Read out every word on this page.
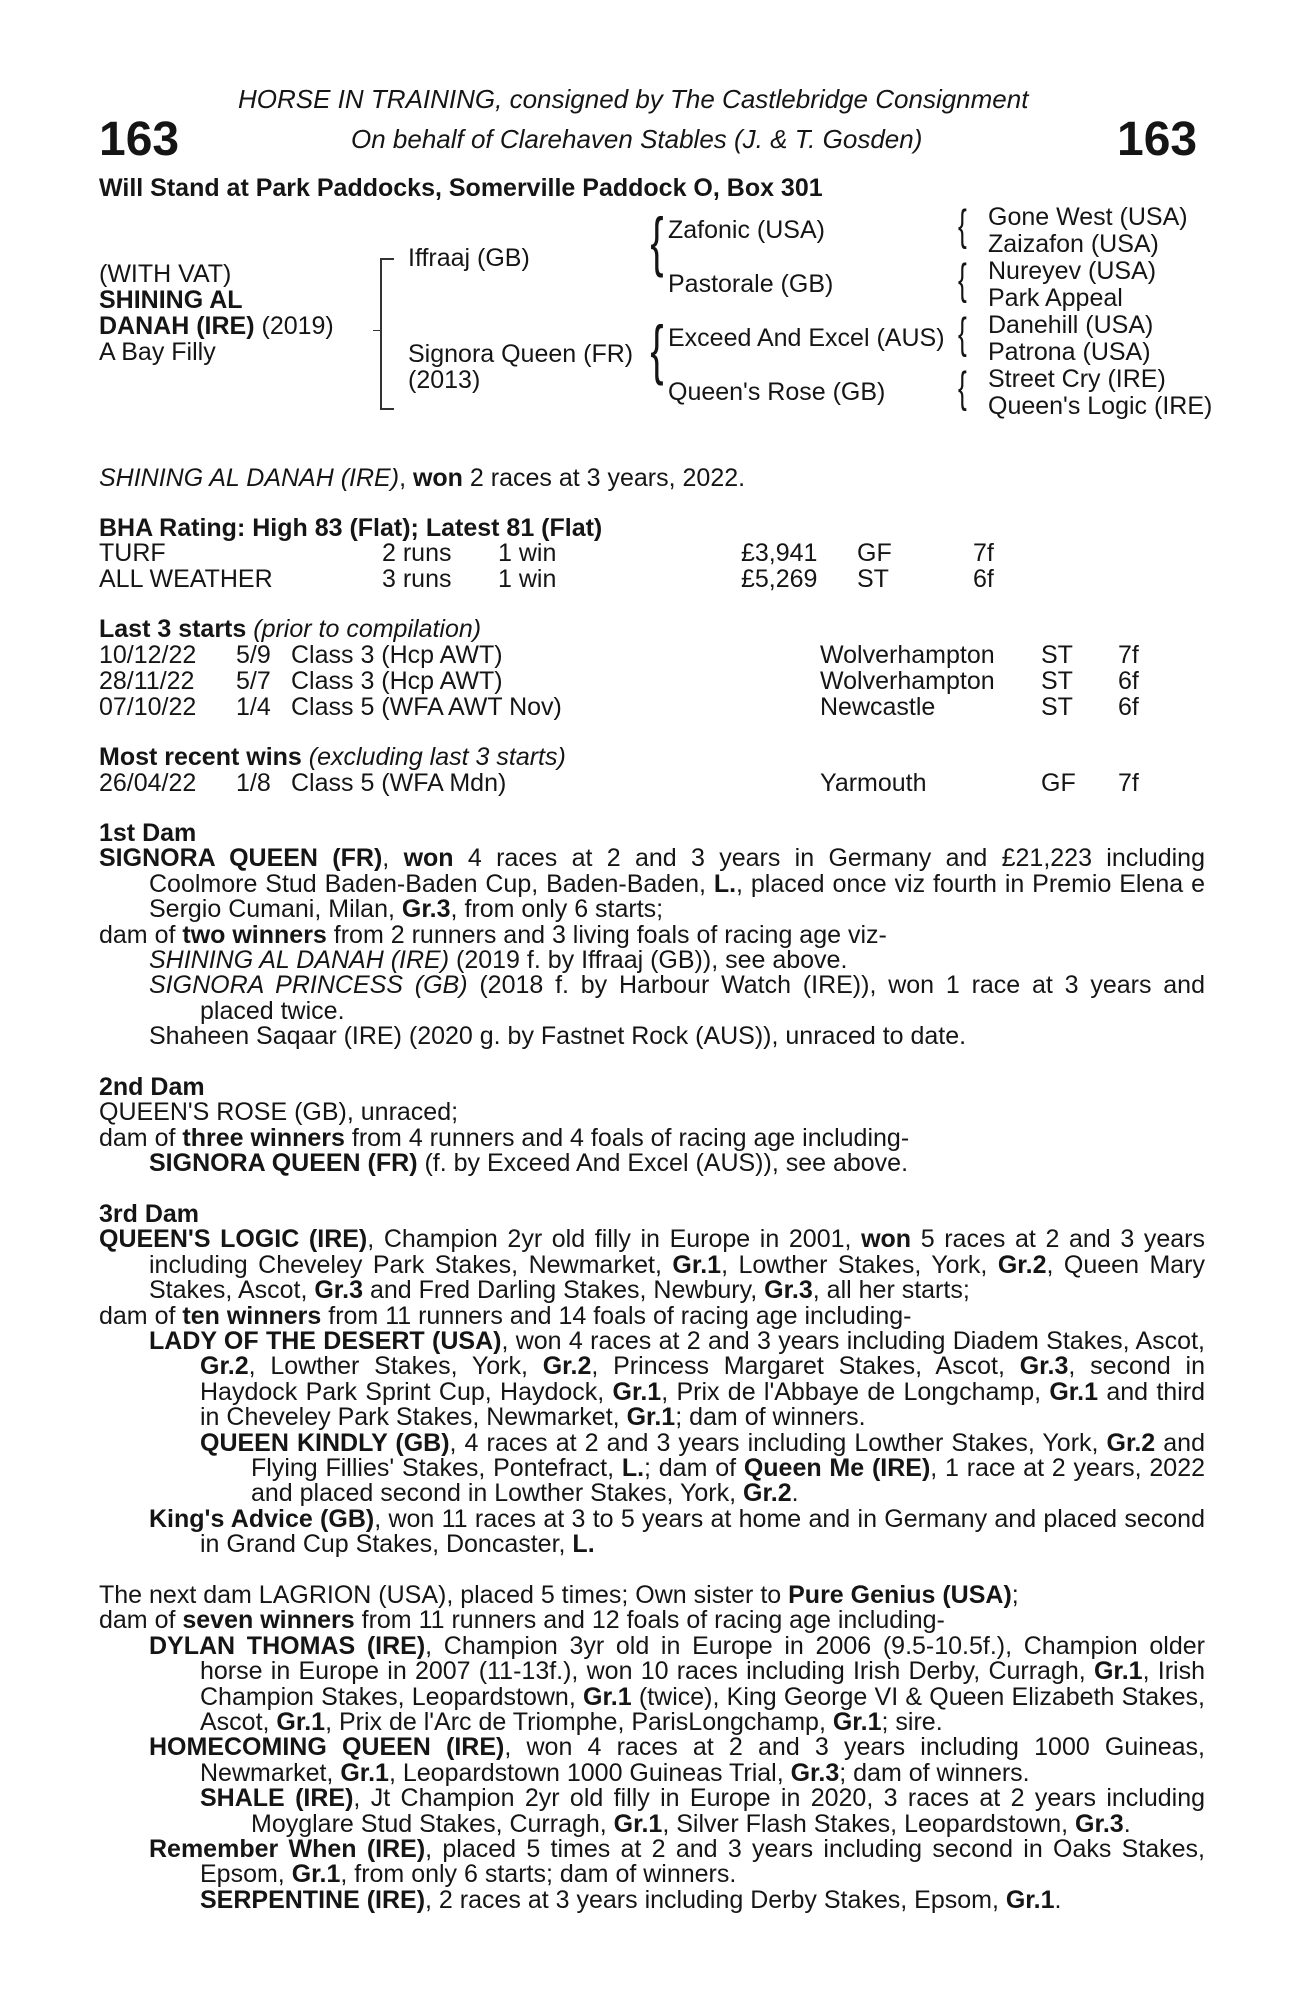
HORSE IN TRAINING, consigned by The Castlebridge Consignment
163	On behalf of Clarehaven Stables (J. & T. Gosden)	163
Will Stand at Park Paddocks, Somerville Paddock O, Box 301
(WITH VAT)
SHINING AL
DANAH (IRE) (2019)
A Bay Filly
Iffraaj (GB)
Signora Queen (FR)
(2013)
{
{
Zafonic (USA)
Pastorale (GB)
Exceed And Excel (AUS)
Queen's Rose (GB)
{
{
{
{
Gone West (USA)
Zaizafon (USA)
Nureyev (USA)
Park Appeal
Danehill (USA)
Patrona (USA)
Street Cry (IRE)
Queen's Logic (IRE)
SHINING AL DANAH (IRE), won 2 races at 3 years, 2022.
BHA Rating: High 83 (Flat); Latest 81 (Flat)
TURF	2 runs 1 win	£3,941 GF	7f
ALL WEATHER	3 runs 1 win	£5,269 ST	6f
Last 3 starts (prior to compilation)
10/12/22 5/9 Class 3 (Hcp AWT)	Wolverhampton ST 7f
28/11/22 5/7 Class 3 (Hcp AWT)	Wolverhampton ST 6f
07/10/22 1/4 Class 5 (WFA AWT Nov)	Newcastle	ST 6f
Most recent wins (excluding last 3 starts)
26/04/22 1/8 Class 5 (WFA Mdn)	Yarmouth	GF 7f

1st Dam

SIGNORA QUEEN (FR), won 4 races at 2 and 3 years in Germany and £21,223 including Coolmore Stud Baden-Baden Cup, Baden-Baden, L., placed once viz fourth in Premio Elena e Sergio Cumani, Milan, Gr.3, from only 6 starts;

dam of two winners from 2 runners and 3 living foals of racing age viz-

SHINING AL DANAH (IRE) (2019 f. by Iffraaj (GB)), see above.

SIGNORA PRINCESS (GB) (2018 f. by Harbour Watch (IRE)), won 1 race at 3 years and placed twice.

Shaheen Saqaar (IRE) (2020 g. by Fastnet Rock (AUS)), unraced to date.

2nd Dam

QUEEN'S ROSE (GB), unraced;

dam of three winners from 4 runners and 4 foals of racing age including-

SIGNORA QUEEN (FR) (f. by Exceed And Excel (AUS)), see above.

3rd Dam

QUEEN'S LOGIC (IRE), Champion 2yr old filly in Europe in 2001, won 5 races at 2 and 3 years including Cheveley Park Stakes, Newmarket, Gr.1, Lowther Stakes, York, Gr.2, Queen Mary Stakes, Ascot, Gr.3 and Fred Darling Stakes, Newbury, Gr.3, all her starts;

dam of ten winners from 11 runners and 14 foals of racing age including-

LADY OF THE DESERT (USA), won 4 races at 2 and 3 years including Diadem Stakes, Ascot, Gr.2, Lowther Stakes, York, Gr.2, Princess Margaret Stakes, Ascot, Gr.3, second in Haydock Park Sprint Cup, Haydock, Gr.1, Prix de l'Abbaye de Longchamp, Gr.1 and third in Cheveley Park Stakes, Newmarket, Gr.1; dam of winners.

QUEEN KINDLY (GB), 4 races at 2 and 3 years including Lowther Stakes, York, Gr.2 and Flying Fillies' Stakes, Pontefract, L.; dam of Queen Me (IRE), 1 race at 2 years, 2022 and placed second in Lowther Stakes, York, Gr.2.

King's Advice (GB), won 11 races at 3 to 5 years at home and in Germany and placed second in Grand Cup Stakes, Doncaster, L.

The next dam LAGRION (USA), placed 5 times; Own sister to Pure Genius (USA);

dam of seven winners from 11 runners and 12 foals of racing age including-

DYLAN THOMAS (IRE), Champion 3yr old in Europe in 2006 (9.5-10.5f.), Champion older horse in Europe in 2007 (11-13f.), won 10 races including Irish Derby, Curragh, Gr.1, Irish Champion Stakes, Leopardstown, Gr.1 (twice), King George VI & Queen Elizabeth Stakes, Ascot, Gr.1, Prix de l'Arc de Triomphe, ParisLongchamp, Gr.1; sire.

HOMECOMING QUEEN (IRE), won 4 races at 2 and 3 years including 1000 Guineas, Newmarket, Gr.1, Leopardstown 1000 Guineas Trial, Gr.3; dam of winners.

SHALE (IRE), Jt Champion 2yr old filly in Europe in 2020, 3 races at 2 years including Moyglare Stud Stakes, Curragh, Gr.1, Silver Flash Stakes, Leopardstown, Gr.3.

Remember When (IRE), placed 5 times at 2 and 3 years including second in Oaks Stakes, Epsom, Gr.1, from only 6 starts; dam of winners.

SERPENTINE (IRE), 2 races at 3 years including Derby Stakes, Epsom, Gr.1.
